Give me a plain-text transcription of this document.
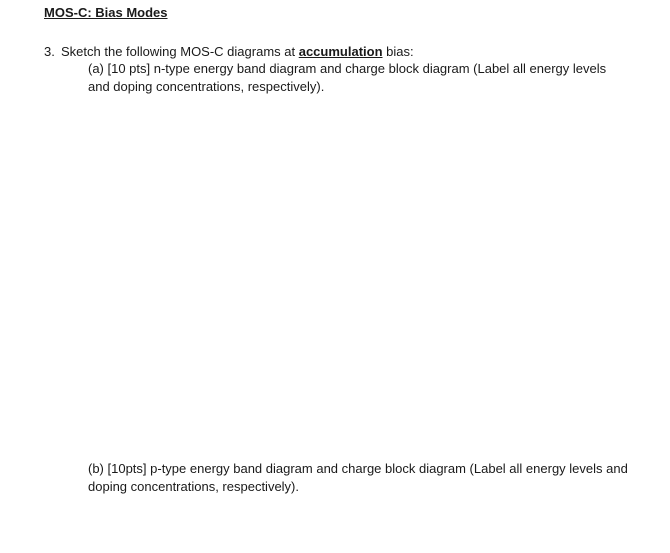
MOS-C: Bias Modes
3. Sketch the following MOS-C diagrams at accumulation bias:
(a) [10 pts] n-type energy band diagram and charge block diagram (Label all energy levels and doping concentrations, respectively).
(b) [10pts] p-type energy band diagram and charge block diagram (Label all energy levels and doping concentrations, respectively).
